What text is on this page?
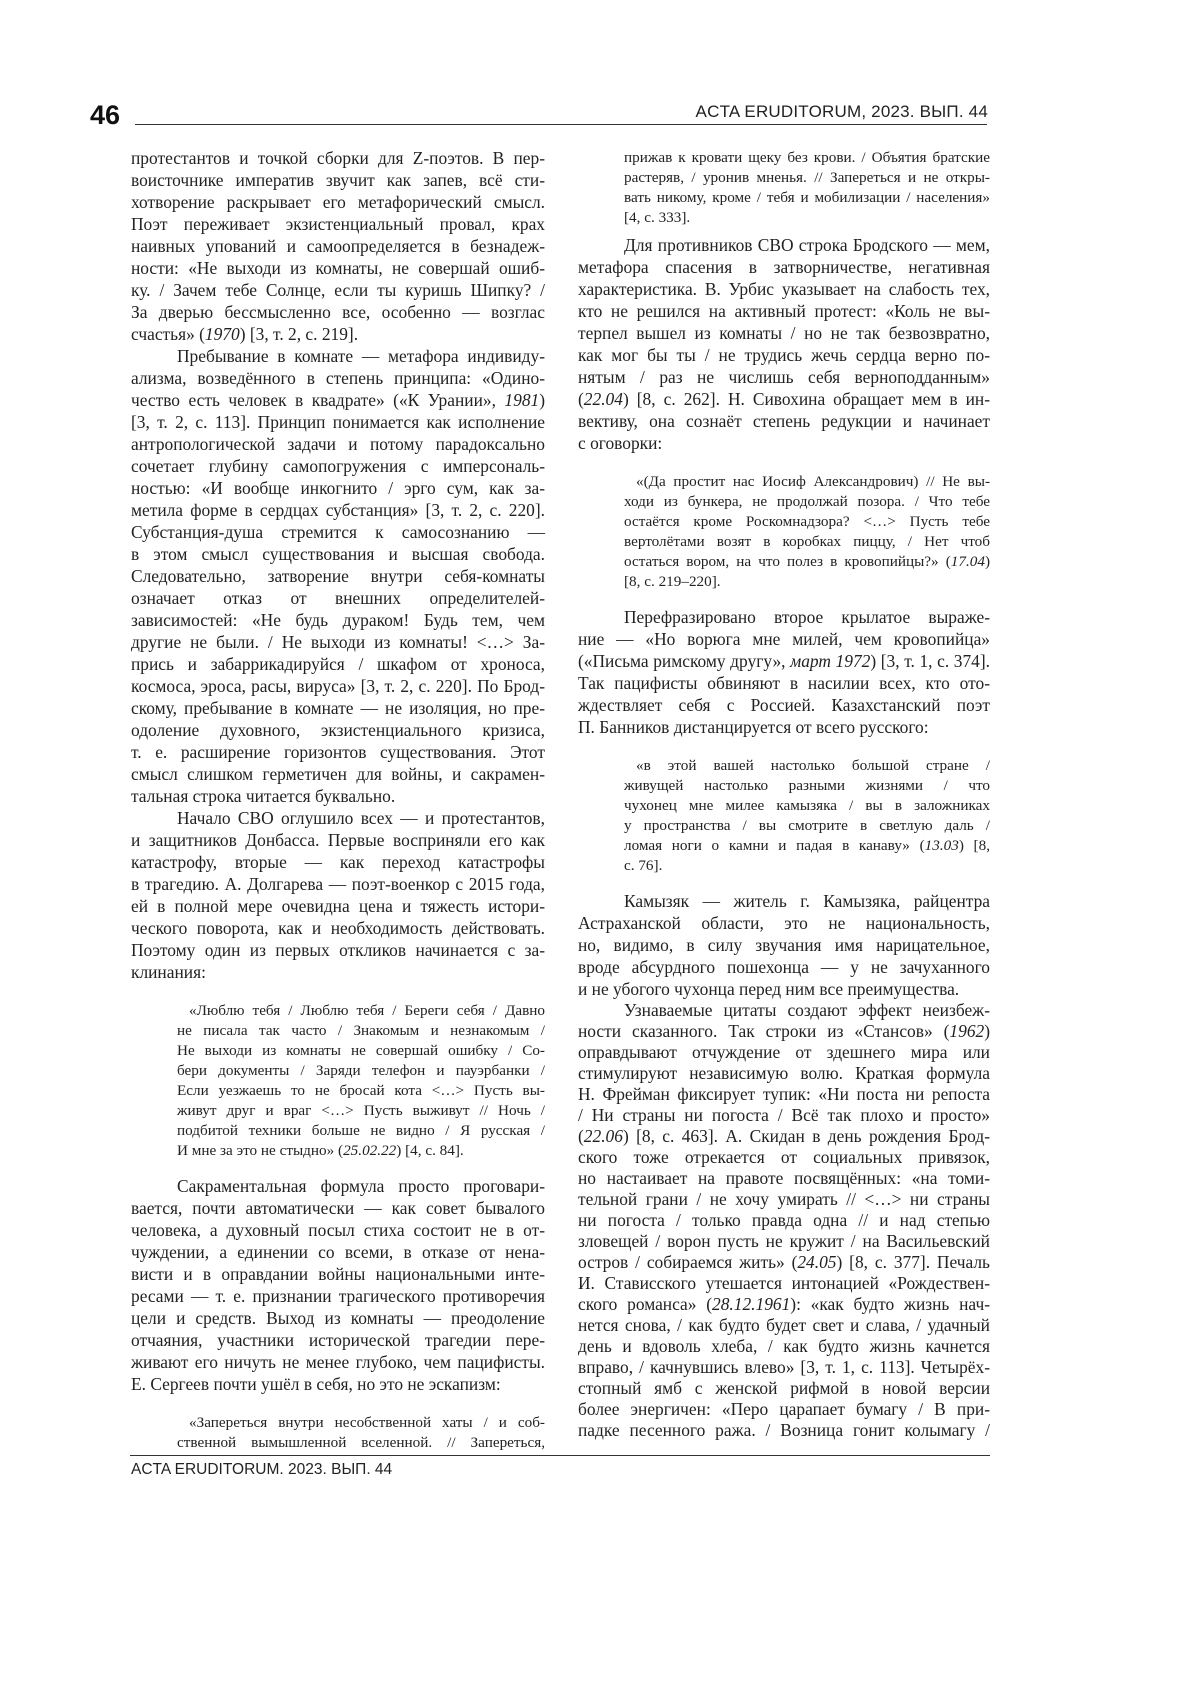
46	ACTA ERUDITORUM, 2023. ВЫП. 44
протестантов и точкой сборки для Z-поэтов. В пер-
воисточнике императив звучит как запев, всё сти-
хотворение раскрывает его метафорический смысл.
Поэт переживает экзистенциальный провал, крах
наивных упований и самоопределяется в безнадеж-
ности: «Не выходи из комнаты, не совершай ошиб-
ку. / Зачем тебе Солнце, если ты куришь Шипку? /
За дверью бессмысленно все, особенно — возглас
счастья» (1970) [3, т. 2, с. 219].
Пребывание в комнате — метафора индивиду-
ализма, возведённого в степень принципа: «Одино-
чество есть человек в квадрате» («К Урании», 1981)
[3, т. 2, с. 113]. Принцип понимается как исполнение
антропологической задачи и потому парадоксально
сочетает глубину самопогружения с имперсональ-
ностью: «И вообще инкогнито / эрго сум, как за-
метила форме в сердцах субстанция» [3, т. 2, с. 220].
Субстанция-душа стремится к самосознанию —
в этом смысл существования и высшая свобода.
Следовательно, затворение внутри себя-комнаты
означает отказ от внешних определителей-
зависимостей: «Не будь дураком! Будь тем, чем
другие не были. / Не выходи из комнаты! <…> За-
прись и забаррикадируйся / шкафом от хроноса,
космоса, эроса, расы, вируса» [3, т. 2, с. 220]. По Брод-
скому, пребывание в комнате — не изоляция, но пре-
одоление духовного, экзистенциального кризиса,
т. е. расширение горизонтов существования. Этот
смысл слишком герметичен для войны, и сакрамен-
тальная строка читается буквально.
Начало СВО оглушило всех — и протестантов,
и защитников Донбасса. Первые восприняли его как
катастрофу, вторые — как переход катастрофы
в трагедию. А. Долгарева — поэт-военкор с 2015 года,
ей в полной мере очевидна цена и тяжесть истори-
ческого поворота, как и необходимость действовать.
Поэтому один из первых откликов начинается с за-
клинания:
«Люблю тебя / Люблю тебя / Береги себя / Давно
не писала так часто / Знакомым и незнакомым /
Не выходи из комнаты не совершай ошибку / Со-
бери документы / Заряди телефон и пауэрбанки /
Если уезжаешь то не бросай кота <…> Пусть вы-
живут друг и враг <…> Пусть выживут // Ночь /
подбитой техники больше не видно / Я русская /
И мне за это не стыдно» (25.02.22) [4, с. 84].
Сакраментальная формула просто проговари-
вается, почти автоматически — как совет бывалого
человека, а духовный посыл стиха состоит не в от-
чуждении, а единении со всеми, в отказе от нена-
висти и в оправдании войны национальными инте-
ресами — т. е. признании трагического противоречия
цели и средств. Выход из комнаты — преодоление
отчаяния, участники исторической трагедии пере-
живают его ничуть не менее глубоко, чем пацифисты.
Е. Сергеев почти ушёл в себя, но это не эскапизм:
«Запереться внутри несобственной хаты / и соб-
ственной вымышленной вселенной. // Запереться,
прижав к кровати щеку без крови. / Объятия братские
растеряв, / уронив мненья. // Запереться и не откры-
вать никому, кроме / тебя и мобилизации / населения»
[4, с. 333].
Для противников СВО строка Бродского — мем,
метафора спасения в затворничестве, негативная
характеристика. В. Урбис указывает на слабость тех,
кто не решился на активный протест: «Коль не вы-
терпел вышел из комнаты / но не так безвозвратно,
как мог бы ты / не трудись жечь сердца верно по-
нятым / раз не числишь себя верноподданным»
(22.04) [8, с. 262]. Н. Сивохина обращает мем в ин-
вективу, она сознаёт степень редукции и начинает
с оговорки:
«(Да простит нас Иосиф Александрович) // Не вы-
ходи из бункера, не продолжай позора. / Что тебе
остаётся кроме Роскомнадзора? <…> Пусть тебе
вертолётами возят в коробках пиццу, / Нет чтоб
остаться вором, на что полез в кровопийцы?» (17.04)
[8, с. 219–220].
Перефразировано второе крылатое выраже-
ние — «Но ворюга мне милей, чем кровопийца»
(«Письма римскому другу», март 1972) [3, т. 1, с. 374].
Так пацифисты обвиняют в насилии всех, кто ото-
ждествляет себя с Россией. Казахстанский поэт
П. Банников дистанцируется от всего русского:
«в этой вашей настолько большой стране /
живущей настолько разными жизнями / что
чухонец мне милее камызяка / вы в заложниках
у пространства / вы смотрите в светлую даль /
ломая ноги о камни и падая в канаву» (13.03) [8,
с. 76].
Камызяк — житель г. Камызяка, райцентра
Астраханской области, это не национальность,
но, видимо, в силу звучания имя нарицательное,
вроде абсурдного пошехонца — у не зачуханного
и не убогого чухонца перед ним все преимущества.
Узнаваемые цитаты создают эффект неизбеж-
ности сказанного. Так строки из «Стансов» (1962)
оправдывают отчуждение от здешнего мира или
стимулируют независимую волю. Краткая формула
Н. Фрейман фиксирует тупик: «Ни поста ни репоста
/ Ни страны ни погоста / Всё так плохо и просто»
(22.06) [8, с. 463]. А. Скидан в день рождения Брод-
ского тоже отрекается от социальных привязок,
но настаивает на правоте посвящённых: «на томи-
тельной грани / не хочу умирать // <…> ни страны
ни погоста / только правда одна // и над степью
зловещей / ворон пусть не кружит / на Васильевский
остров / собираемся жить» (24.05) [8, с. 377]. Печаль
И. Стависского утешается интонацией «Рождествен-
ского романса» (28.12.1961): «как будто жизнь нач-
нется снова, / как будто будет свет и слава, / удачный
день и вдоволь хлеба, / как будто жизнь качнется
вправо, / качнувшись влево» [3, т. 1, с. 113]. Четырёх-
стопный ямб с женской рифмой в новой версии
более энергичен: «Перо царапает бумагу / В при-
падке песенного ража. / Возница гонит колымагу /
ACTA ERUDITORUM. 2023. ВЫП. 44
